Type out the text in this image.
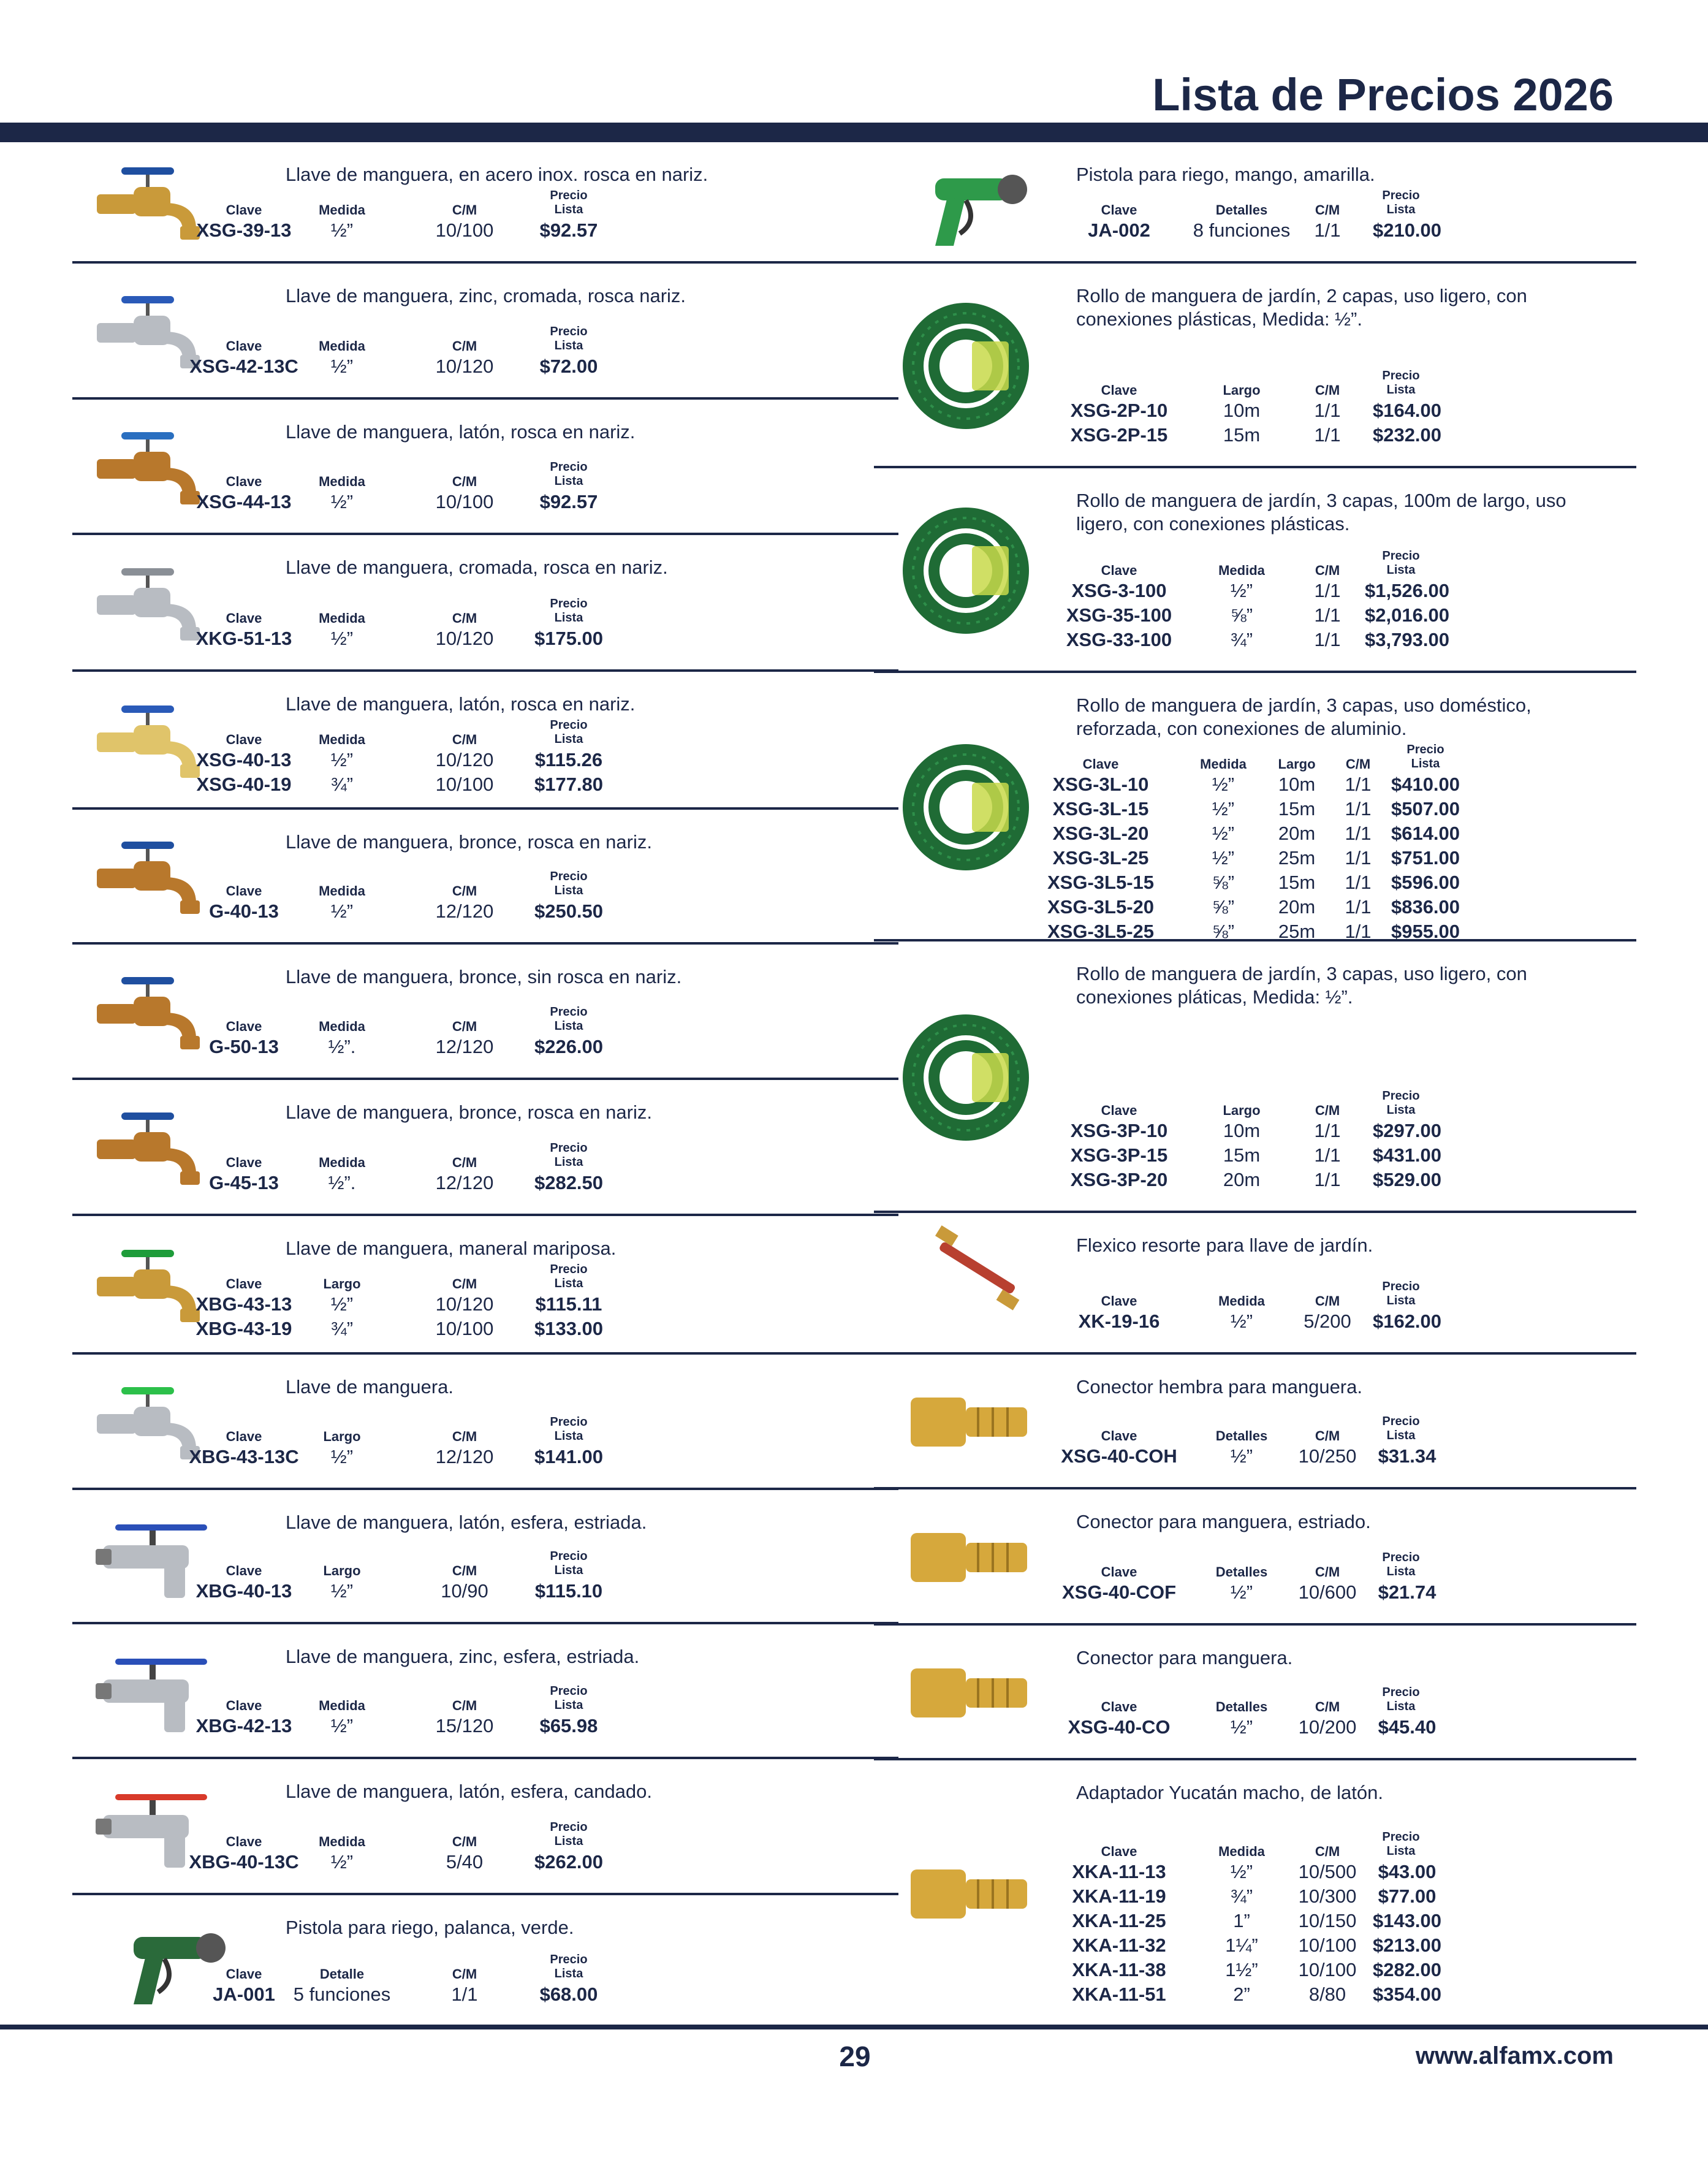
Lista de Precios 2026
Llave de manguera, en acero inox. rosca en nariz.
Clave	Medida	C/M
Precio
Lista
XSG-39-13	½”	10/100	$92.57
Llave de manguera, zinc, cromada, rosca nariz.
Clave	Medida	C/M
Precio
Lista
XSG-42-13C	½”	10/120	$72.00
Llave de manguera, latón, rosca en nariz.
Clave	Medida	C/M
Precio
Lista
XSG-44-13	½”	10/100	$92.57
Llave de manguera, cromada, rosca en nariz.
Clave	Medida	C/M
Precio
Lista
XKG-51-13	½”	10/120	$175.00
Llave de manguera, latón, rosca en nariz.
Clave	Medida	C/M
Precio
Lista
XSG-40-13	½”	10/120	$115.26
XSG-40-19	¾”	10/100	$177.80
Llave de manguera, bronce, rosca en nariz.
Clave	Medida	C/M
Precio
Lista
G-40-13	½”	12/120	$250.50
Llave de manguera, bronce, sin rosca en nariz.
Clave	Medida	C/M
Precio
Lista
G-50-13	½”.	12/120	$226.00
Llave de manguera, bronce, rosca en nariz.
Clave	Medida	C/M
Precio
Lista
G-45-13	½”.	12/120	$282.50
Llave de manguera, maneral mariposa.
Clave	Largo	C/M
Precio
Lista
XBG-43-13	½”	10/120	$115.11
XBG-43-19	¾”	10/100	$133.00
Llave de manguera.
Clave	Largo	C/M
Precio
Lista
XBG-43-13C	½”	12/120	$141.00
Llave de manguera, latón, esfera, estriada.
Clave	Largo	C/M
Precio
Lista
XBG-40-13	½”	10/90	$115.10
Llave de manguera, zinc, esfera, estriada.
Clave	Medida	C/M
Precio
Lista
XBG-42-13	½”	15/120	$65.98
Llave de manguera, latón, esfera, candado.
Clave	Medida	C/M
Precio
Lista
XBG-40-13C	½”	5/40	$262.00
Pistola para riego, palanca, verde.
Clave	Detalle	C/M
Precio
Lista
JA-001 5 funciones	1/1	$68.00
Pistola para riego, mango, amarilla.
Clave	Detalles	C/M
Precio
Lista
JA-002	8 funciones	1/1	$210.00
Rollo de manguera de jardín, 2 capas, uso ligero, con conexiones plásticas, Medida: ½”.
Clave	Largo	C/M
Precio
Lista
XSG-2P-10	10m	1/1	$164.00
XSG-2P-15	15m	1/1	$232.00
Rollo de manguera de jardín, 3 capas, 100m de largo, uso ligero, con conexiones plásticas.
Clave	Medida	C/M
Precio
Lista
XSG-3-100	½”	1/1	$1,526.00
XSG-35-100	⅝”	1/1	$2,016.00
XSG-33-100	¾”	1/1	$3,793.00
Rollo de manguera de jardín, 3 capas, uso doméstico, reforzada, con conexiones de aluminio.
Clave	Medida	Largo	C/M
Precio
Lista
XSG-3L-10	½”	10m	1/1	$410.00
XSG-3L-15	½”	15m	1/1	$507.00
XSG-3L-20	½”	20m	1/1	$614.00
XSG-3L-25	½”	25m	1/1	$751.00
XSG-3L5-15	⅝”	15m	1/1	$596.00
XSG-3L5-20	⅝”	20m	1/1	$836.00
XSG-3L5-25	⅝”	25m	1/1	$955.00
Rollo de manguera de jardín, 3 capas, uso ligero, con conexiones pláticas, Medida: ½”.
Clave	Largo	C/M
Precio
Lista
XSG-3P-10	10m	1/1	$297.00
XSG-3P-15	15m	1/1	$431.00
XSG-3P-20	20m	1/1	$529.00
Flexico resorte para llave de jardín.
Clave	Medida	C/M
Precio
Lista
XK-19-16	½”	5/200	$162.00
Conector hembra para manguera.
Clave	Detalles	C/M
Precio
Lista
XSG-40-COH	½”	10/250	$31.34
Conector para manguera, estriado.
Clave	Detalles	C/M
Precio
Lista
XSG-40-COF	½”	10/600	$21.74
Conector para manguera.
Clave	Detalles	C/M
Precio
Lista
XSG-40-CO	½”	10/200	$45.40
Adaptador Yucatán macho, de latón.
Clave	Medida	C/M
Precio
Lista
XKA-11-13	½”	10/500	$43.00
XKA-11-19	¾”	10/300	$77.00
XKA-11-25	1”	10/150 $143.00
XKA-11-32	1¼”	10/100 $213.00
XKA-11-38	1½”	10/100 $282.00
XKA-11-51	2”	8/80	$354.00
29	www.alfamx.com
